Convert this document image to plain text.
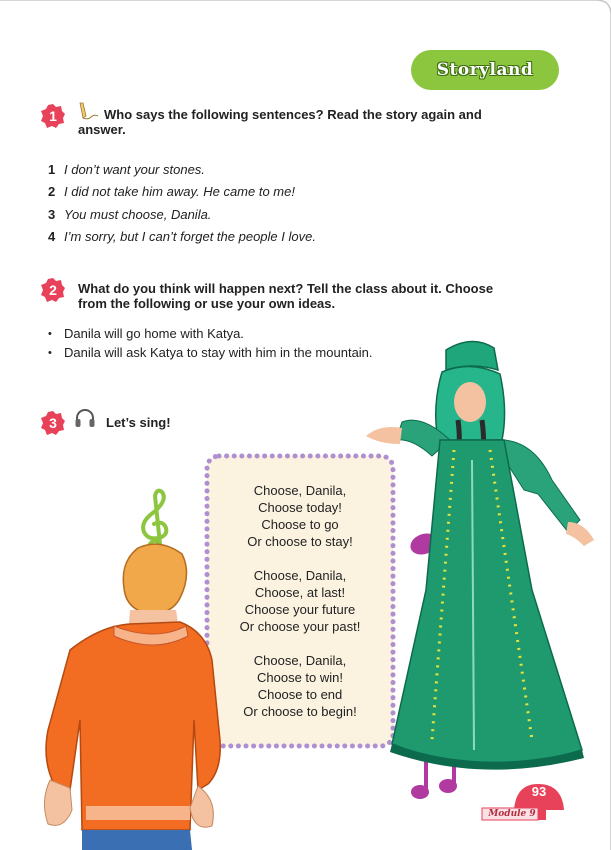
Storyland
1	Who says the following sentences? Read the story again and
answer.
1 I don’t want your stones.
2 I did not take him away. He came to me!
3 You must choose, Danila.
4 I’m sorry, but I can’t forget the people I love.
2	What do you think will happen next? Tell the class about it. Choose
from the following or use your own ideas.
• Danila will go home with Katya.
• Danila will ask Katya to stay with him in the mountain.
3	Let’s sing!
Choose, Danila,
Choose today!
Choose to go
Or choose to stay!
Choose, Danila,
Choose, at last!
Choose your future
Or choose your past!
Choose, Danila,
Choose to win!
Choose to end
Or choose to begin!
93
Module 9
